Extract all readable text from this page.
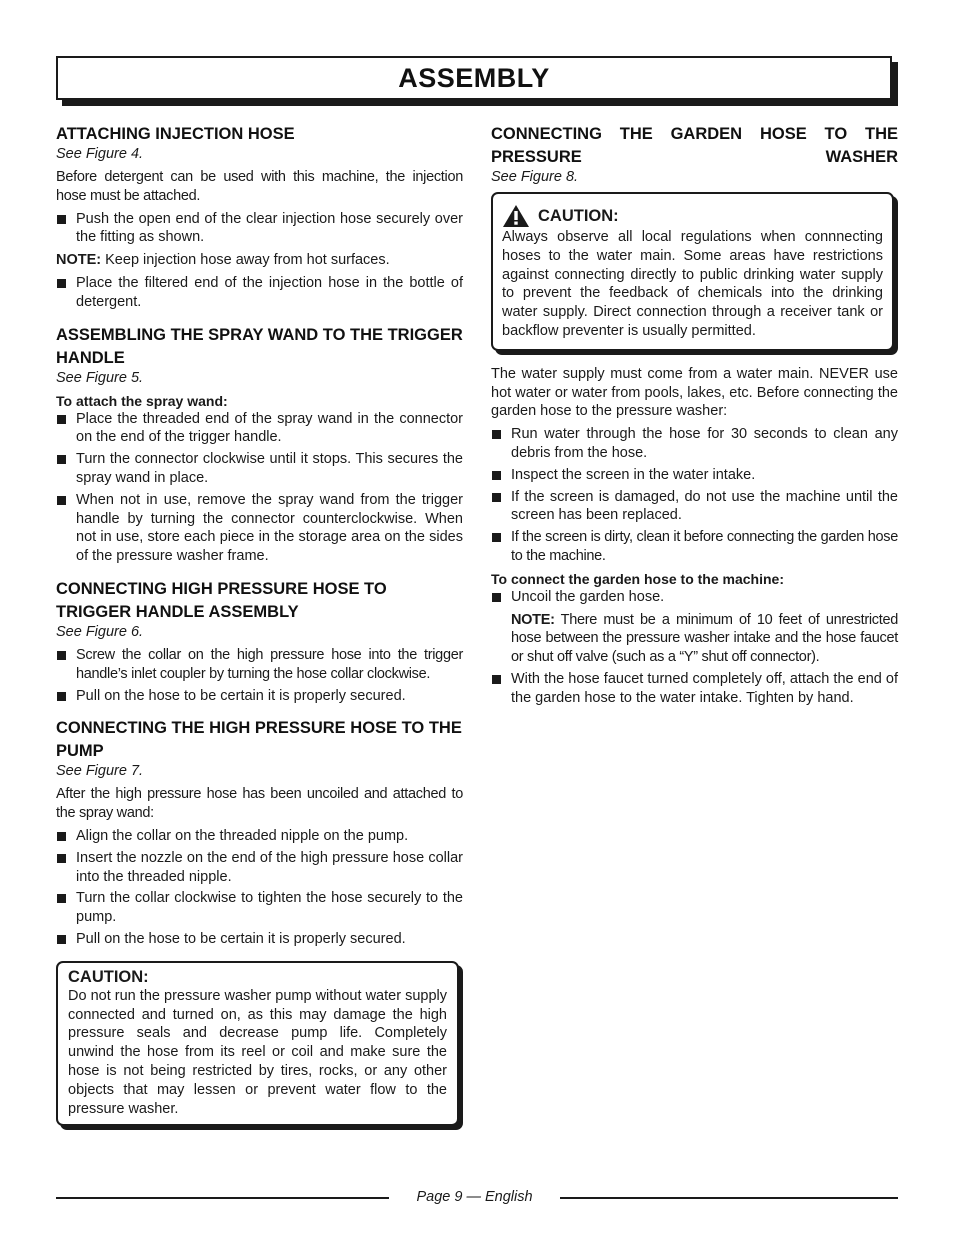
ASSEMBLY
ATTACHING INJECTION HOSE
See Figure 4.

Before detergent can be used with this machine, the injection hose must be attached.

Push the open end of the clear injection hose securely over the fitting as shown.

NOTE: Keep injection hose away from hot surfaces.

Place the filtered end of the injection hose in the bottle of detergent.
ASSEMBLING THE SPRAY WAND TO THE TRIGGER HANDLE
See Figure 5.
To attach the spray wand:
Place the threaded end of the spray wand in the connector on the end of the trigger handle.
Turn the connector clockwise until it stops. This secures the spray wand in place.
When not in use, remove the spray wand from the trigger handle by turning the connector counterclockwise. When not in use, store each piece in the storage area on the sides of the pressure washer frame.
CONNECTING HIGH PRESSURE HOSE TO TRIGGER HANDLE ASSEMBLY
See Figure 6.
Screw the collar on the high pressure hose into the trigger handle’s inlet coupler by turning the hose collar clockwise.
Pull on the hose to be certain it is properly secured.
CONNECTING THE HIGH PRESSURE HOSE TO THE PUMP
See Figure 7.

After the high pressure hose has been uncoiled and attached to the spray wand:

Align the collar on the threaded nipple on the pump.
Insert the nozzle on the end of the high pressure hose collar into the threaded nipple.
Turn the collar clockwise to tighten the hose securely to the pump.
Pull on the hose to be certain it is properly secured.
CAUTION:
Do not run the pressure washer pump without water supply connected and turned on, as this may damage the high pressure seals and decrease pump life. Completely unwind the hose from its reel or coil and make sure the hose is not being restricted by tires, rocks, or any other objects that may lessen or prevent water flow to the pressure washer.
CONNECTING THE GARDEN HOSE TO THE PRESSURE WASHER
See Figure 8.
CAUTION:
Always observe all local regulations when connnecting hoses to the water main. Some areas have restrictions against connecting directly to public drinking water supply to prevent the feedback of chemicals into the drinking water supply. Direct connection through a receiver tank or backflow preventer is usually permitted.

The water supply must come from a water main. NEVER use hot water or water from pools, lakes, etc. Before connecting the garden hose to the pressure washer:

Run water through the hose for 30 seconds to clean any debris from the hose.
Inspect the screen in the water intake.
If the screen is damaged, do not use the machine until the screen has been replaced.
If the screen is dirty, clean it before connecting the garden hose to the machine.
To connect the garden hose to the machine:
Uncoil the garden hose.
NOTE: There must be a minimum of 10 feet of unrestricted hose between the pressure washer intake and the hose faucet or shut off valve (such as a “Y” shut off connector).
With the hose faucet turned completely off, attach the end of the garden hose to the water intake. Tighten by hand.
Page 9 — English
